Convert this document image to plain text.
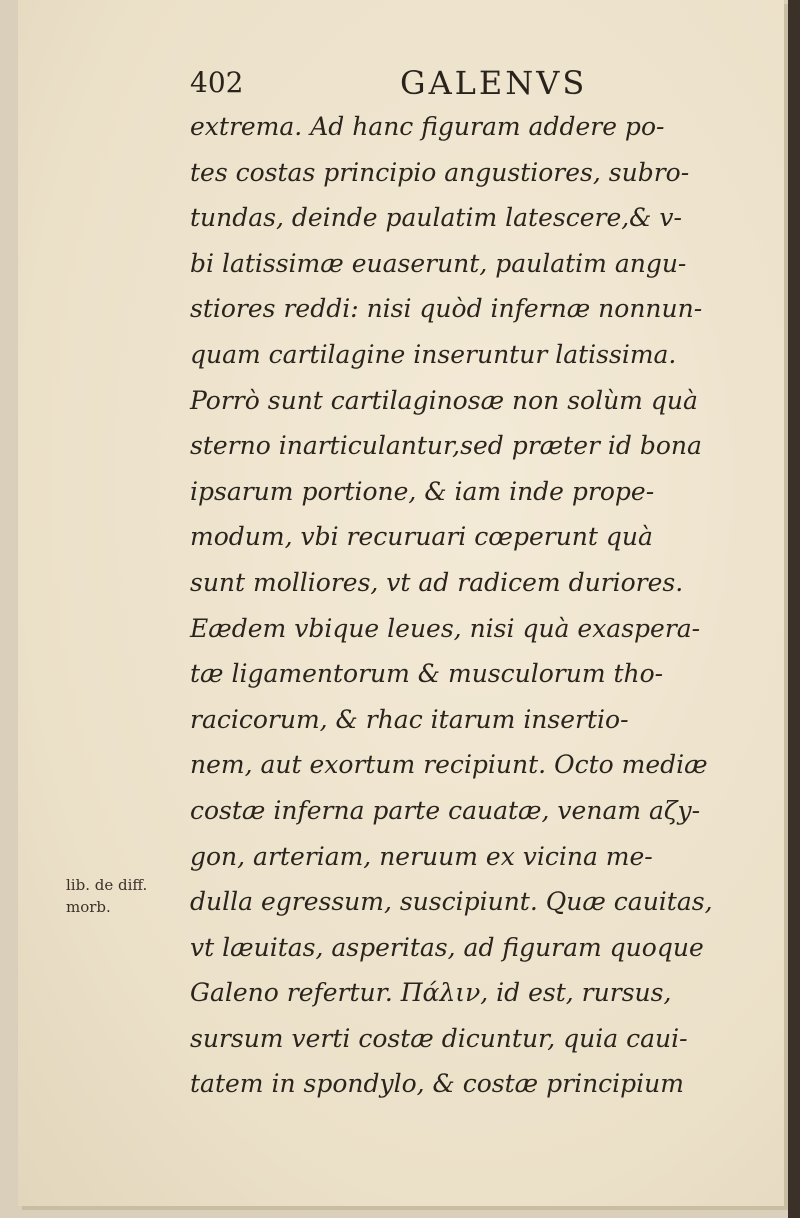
402	GALENVS
extrema. Ad hanc figuram addere po-
tes costas principio angustiores, subro-
tundas, deinde paulatim latescere,& v-
bi latissimæ euaserunt, paulatim angu-
stiores reddi: nisi quòd infernæ nonnun-
quam cartilagine inseruntur latissima.
Porrò sunt cartilaginosæ non solùm quà
sterno inarticulantur,sed præter id bona
ipsarum portione, & iam inde prope-
modum, vbi recuruari cœperunt quà
sunt molliores, vt ad radicem duriores.
Eædem vbique leues, nisi quà exaspera-
tæ ligamentorum & musculorum tho-
racicorum, & rhac itarum insertio-
nem, aut exortum recipiunt. Octo mediæ
costæ inferna parte cauatæ, venam aζy-
gon, arteriam, neruum ex vicina me-
dulla egressum, suscipiunt. Quæ cauitas,
vt læuitas, asperitas, ad figuram quoque
Galeno refertur. Πάλιν, id est, rursus,
sursum verti costæ dicuntur, quia caui-
tatem in spondylo, & costæ principium
lib. de diff.
morb.
